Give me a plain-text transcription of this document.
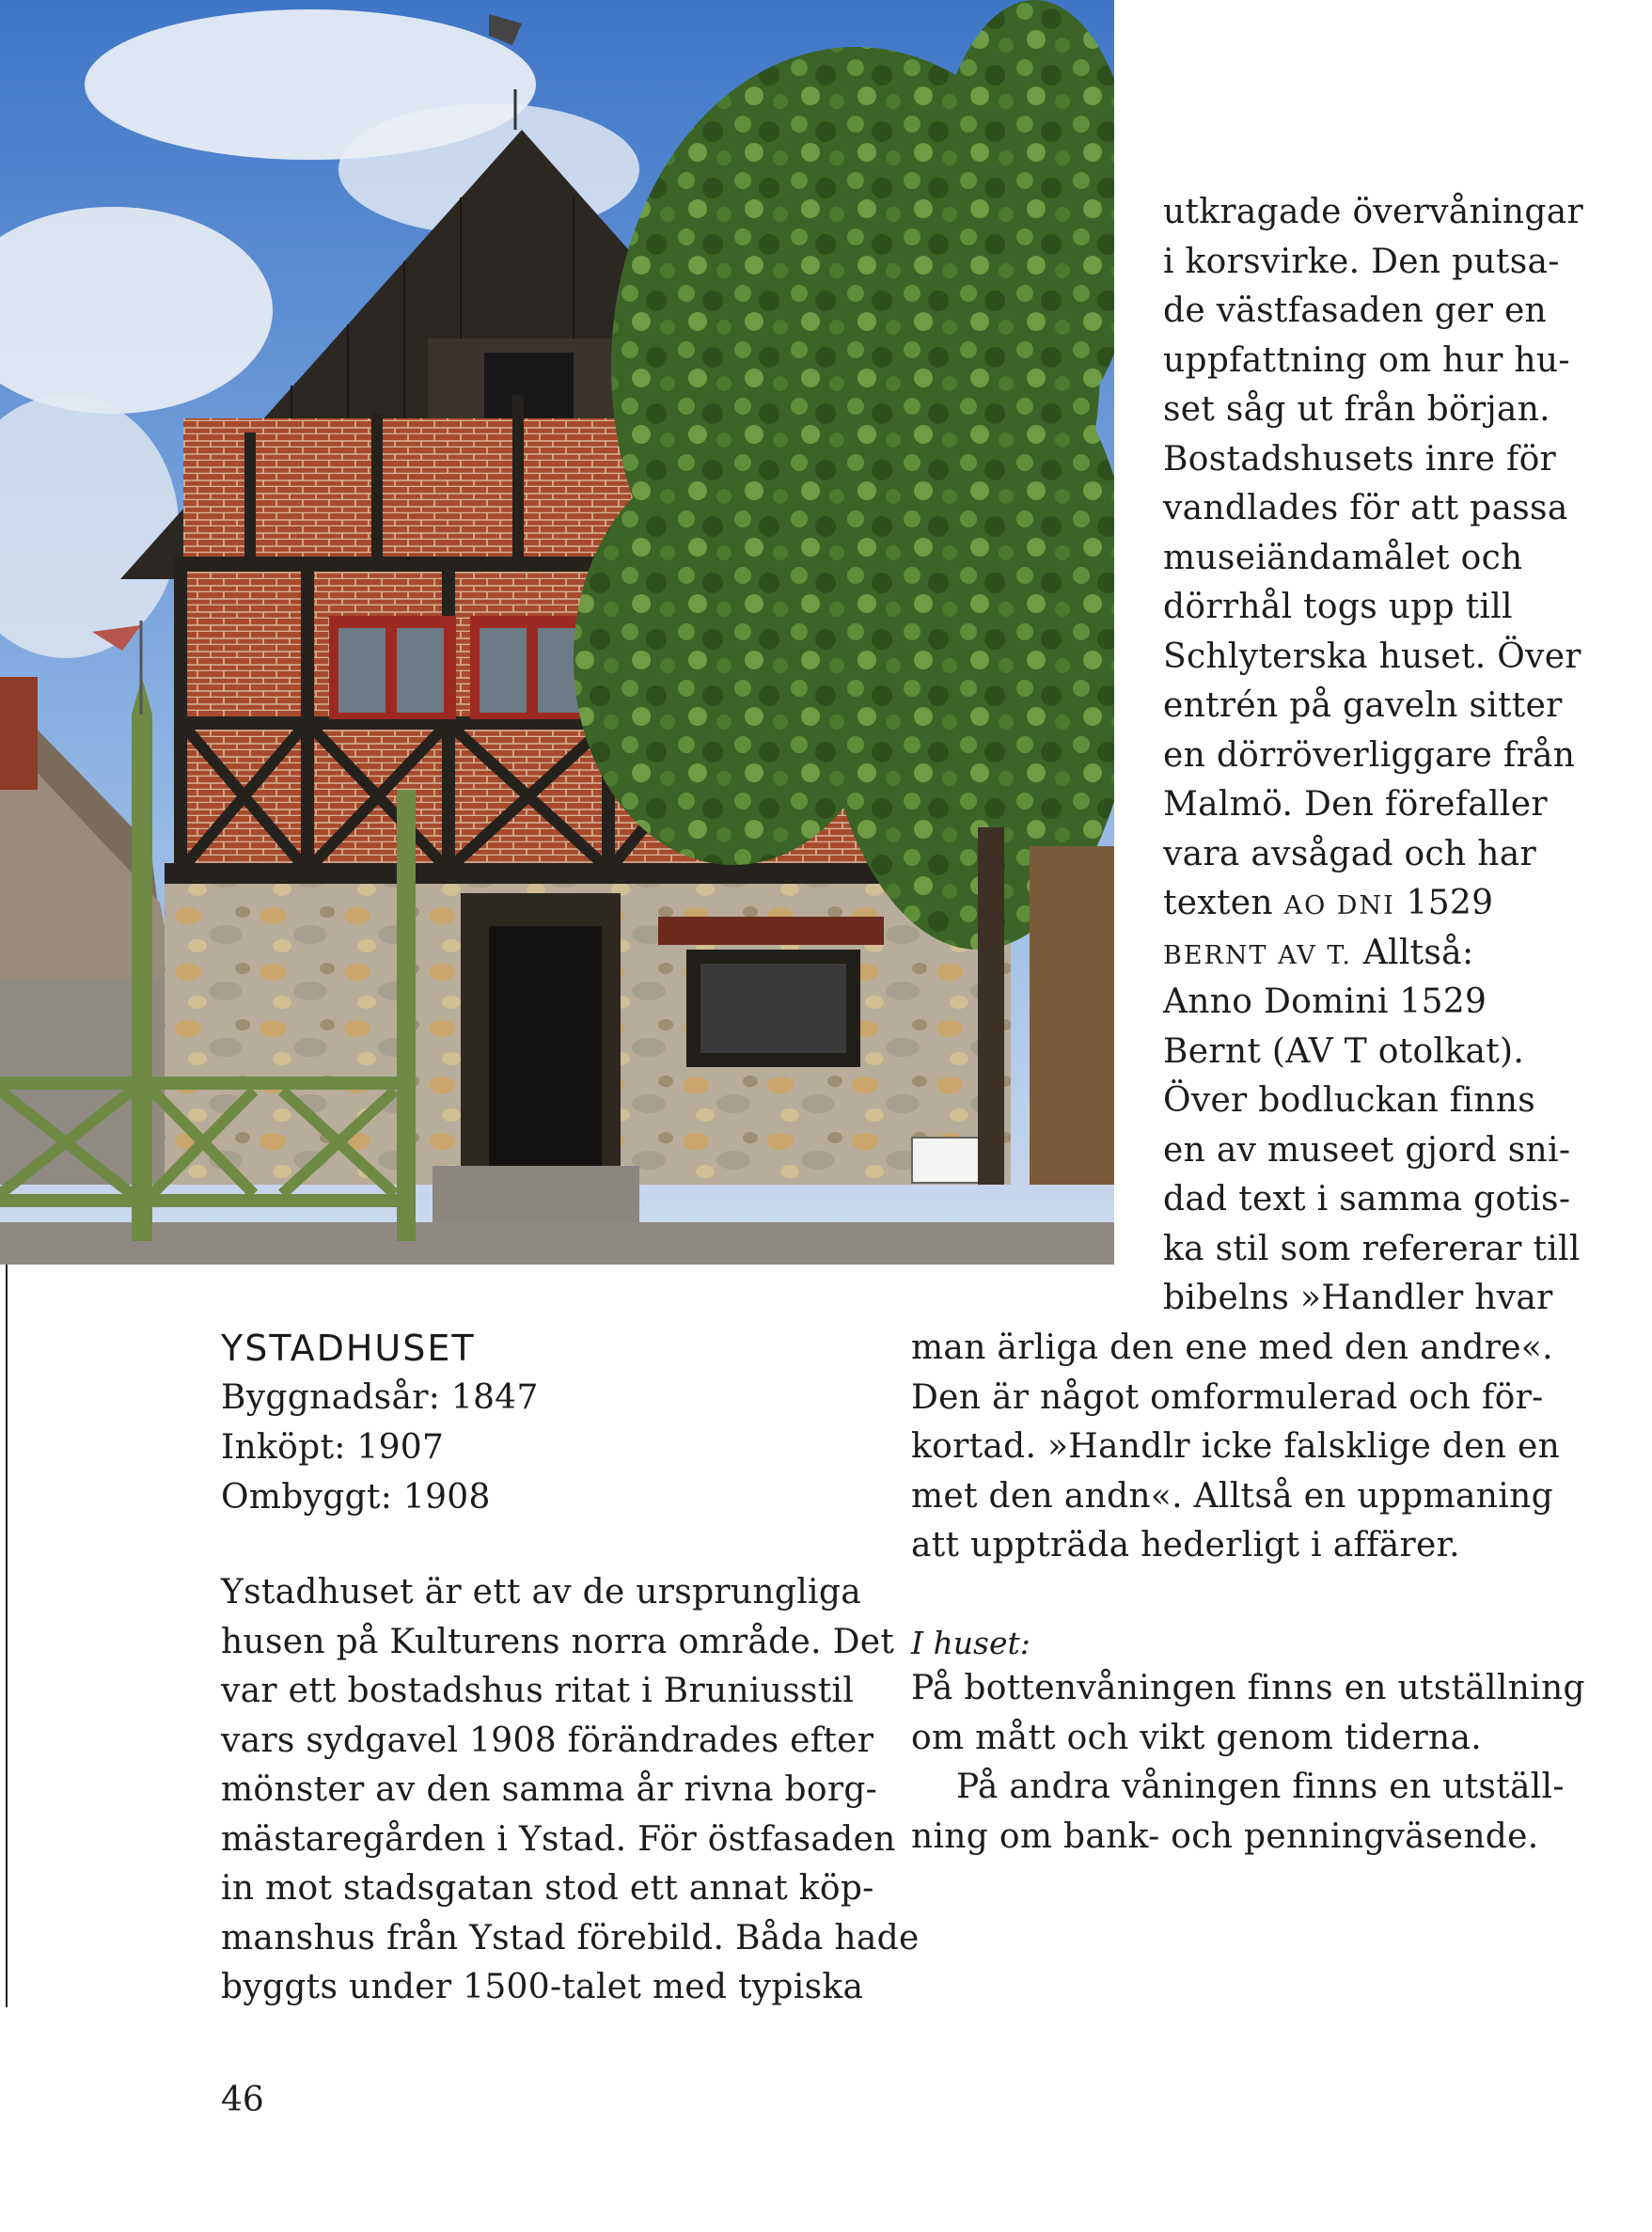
utkragade övervåningar
i korsvirke. Den putsa-
de västfasaden ger en
uppfattning om hur hu-
set såg ut från början.
Bostadshusets inre för
vandlades för att passa
museiändamålet och
dörrhål togs upp till
Schlyterska huset. Över
entrén på gaveln sitter
en dörröverliggare från
Malmö. Den förefaller
vara avsågad och har
texten AO DNI 1529
BERNT AV T. Alltså:
Anno Domini 1529
Bernt (AV T otolkat).
Över bodluckan finns
en av museet gjord sni-
dad text i samma gotis-
ka stil som refererar till
bibelns »Handler hvar
man ärliga den ene med den andre«.
Den är något omformulerad och för-
kortad. »Handlr icke falsklige den en
met den andn«. Alltså en uppmaning
att uppträda hederligt i affärer.
YSTADHUSET
Byggnadsår: 1847
Inköpt: 1907
Ombyggt: 1908
Ystadhuset är ett av de ursprungliga
husen på Kulturens norra område. Det
var ett bostadshus ritat i Bruniusstil
vars sydgavel 1908 förändrades efter
mönster av den samma år rivna borg-
mästaregården i Ystad. För östfasaden
in mot stadsgatan stod ett annat köp-
manshus från Ystad förebild. Båda hade
byggts under 1500-talet med typiska
I huset:
På bottenvåningen finns en utställning
om mått och vikt genom tiderna.
På andra våningen finns en utställ-
ning om bank- och penningväsende.
46
